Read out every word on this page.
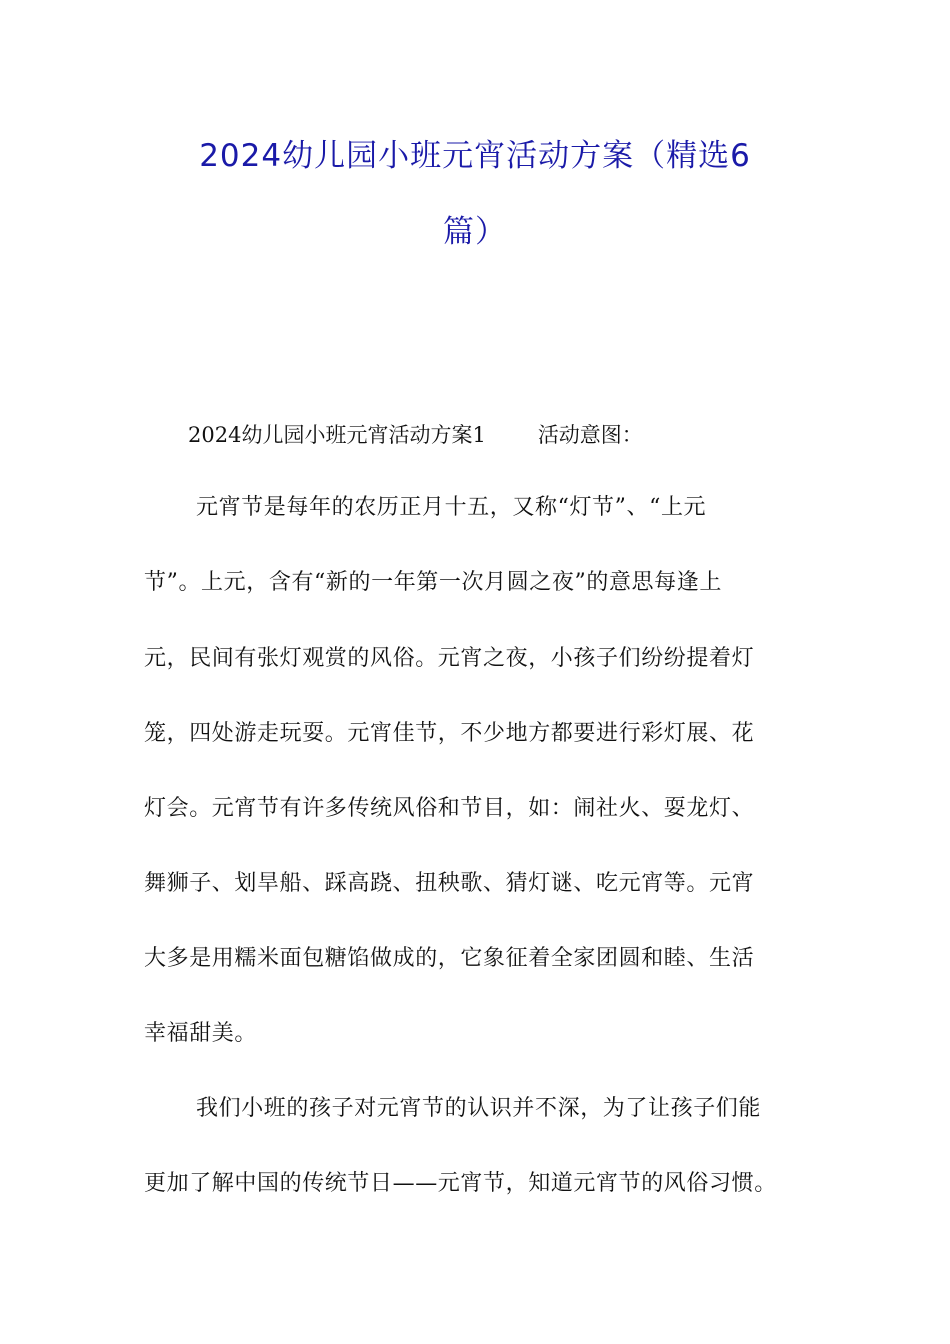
2024幼儿园小班元宵活动方案（精选6
篇）
2024幼儿园小班元宵活动方案1 活动意图：
元宵节是每年的农历正月十五，又称“灯节”、“上元
节”。上元，含有“新的一年第一次月圆之夜”的意思每逢上
元，民间有张灯观赏的风俗。元宵之夜，小孩子们纷纷提着灯
笼，四处游走玩耍。元宵佳节，不少地方都要进行彩灯展、花
灯会。元宵节有许多传统风俗和节目，如：闹社火、耍龙灯、
舞狮子、划旱船、踩高跷、扭秧歌、猜灯谜、吃元宵等。元宵
大多是用糯米面包糖馅做成的，它象征着全家团圆和睦、生活
幸福甜美。
我们小班的孩子对元宵节的认识并不深，为了让孩子们能
更加了解中国的传统节日——元宵节，知道元宵节的风俗习惯。
